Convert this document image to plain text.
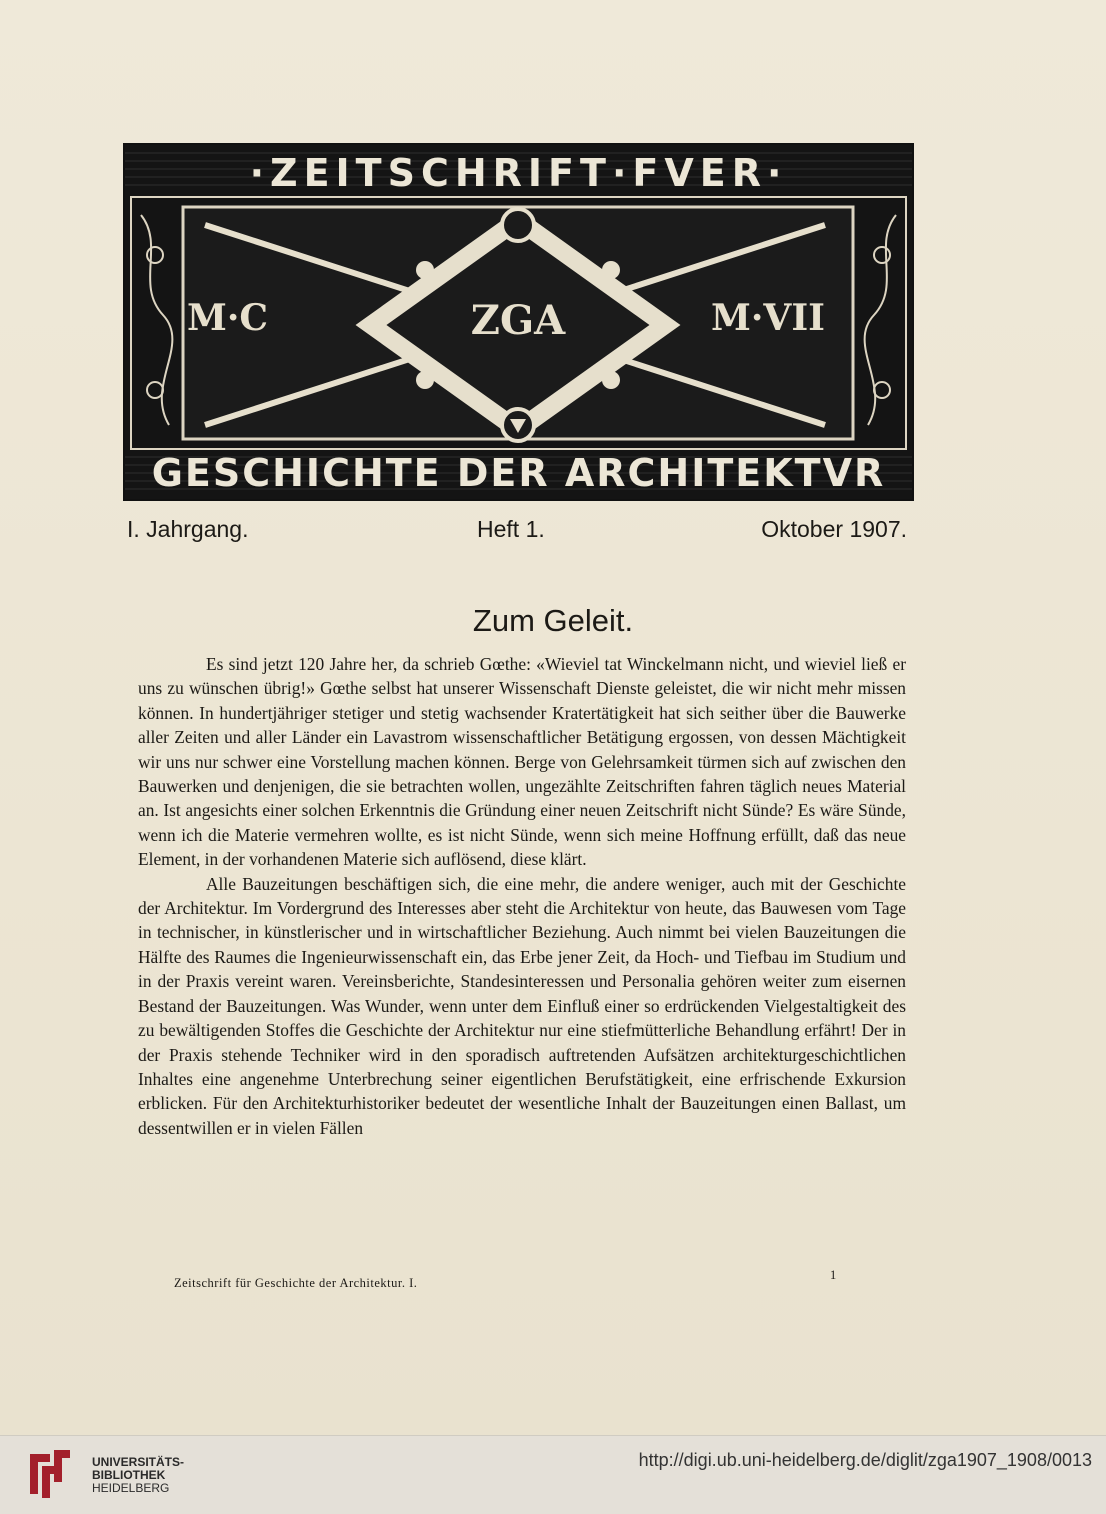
·ZEITSCHRIFT·FVER·
GESCHICHTE DER ARCHITEKTVR
M·C	M·VII
ZGA
I. Jahrgang.	Heft 1.	Oktober 1907.
Zum Geleit.

Es sind jetzt 120 Jahre her, da schrieb Gœthe: «Wieviel tat Winckelmann nicht, und wieviel ließ er uns zu wünschen übrig!» Gœthe selbst hat unserer Wissenschaft Dienste geleistet, die wir nicht mehr missen können. In hundertjähriger stetiger und stetig wachsender Kratertätigkeit hat sich seither über die Bauwerke aller Zeiten und aller Länder ein Lavastrom wissenschaftlicher Betätigung ergossen, von dessen Mächtigkeit wir uns nur schwer eine Vorstellung machen können. Berge von Gelehrsamkeit türmen sich auf zwischen den Bauwerken und denjenigen, die sie betrachten wollen, ungezählte Zeitschriften fahren täglich neues Material an. Ist angesichts einer solchen Erkenntnis die Gründung einer neuen Zeitschrift nicht Sünde? Es wäre Sünde, wenn ich die Materie vermehren wollte, es ist nicht Sünde, wenn sich meine Hoffnung erfüllt, daß das neue Element, in der vorhandenen Materie sich auflösend, diese klärt.

Alle Bauzeitungen beschäftigen sich, die eine mehr, die andere weniger, auch mit der Geschichte der Architektur. Im Vordergrund des Interesses aber steht die Architektur von heute, das Bauwesen vom Tage in technischer, in künstlerischer und in wirtschaftlicher Beziehung. Auch nimmt bei vielen Bauzeitungen die Hälfte des Raumes die Ingenieurwissenschaft ein, das Erbe jener Zeit, da Hoch- und Tiefbau im Studium und in der Praxis vereint waren. Vereinsberichte, Standesinteressen und Personalia gehören weiter zum eisernen Bestand der Bauzeitungen. Was Wunder, wenn unter dem Einfluß einer so erdrückenden Vielgestaltigkeit des zu bewältigenden Stoffes die Geschichte der Architektur nur eine stiefmütterliche Behandlung erfährt! Der in der Praxis stehende Techniker wird in den sporadisch auftretenden Aufsätzen architekturgeschichtlichen Inhaltes eine angenehme Unterbrechung seiner eigentlichen Berufstätigkeit, eine erfrischende Exkursion erblicken. Für den Architekturhistoriker bedeutet der wesentliche Inhalt der Bauzeitungen einen Ballast, um dessentwillen er in vielen Fällen

Zeitschrift für Geschichte der Architektur. I.
1
UNIVERSITÄTS-
BIBLIOTHEK
HEIDELBERG
http://digi.ub.uni-heidelberg.de/diglit/zga1907_1908/0013
